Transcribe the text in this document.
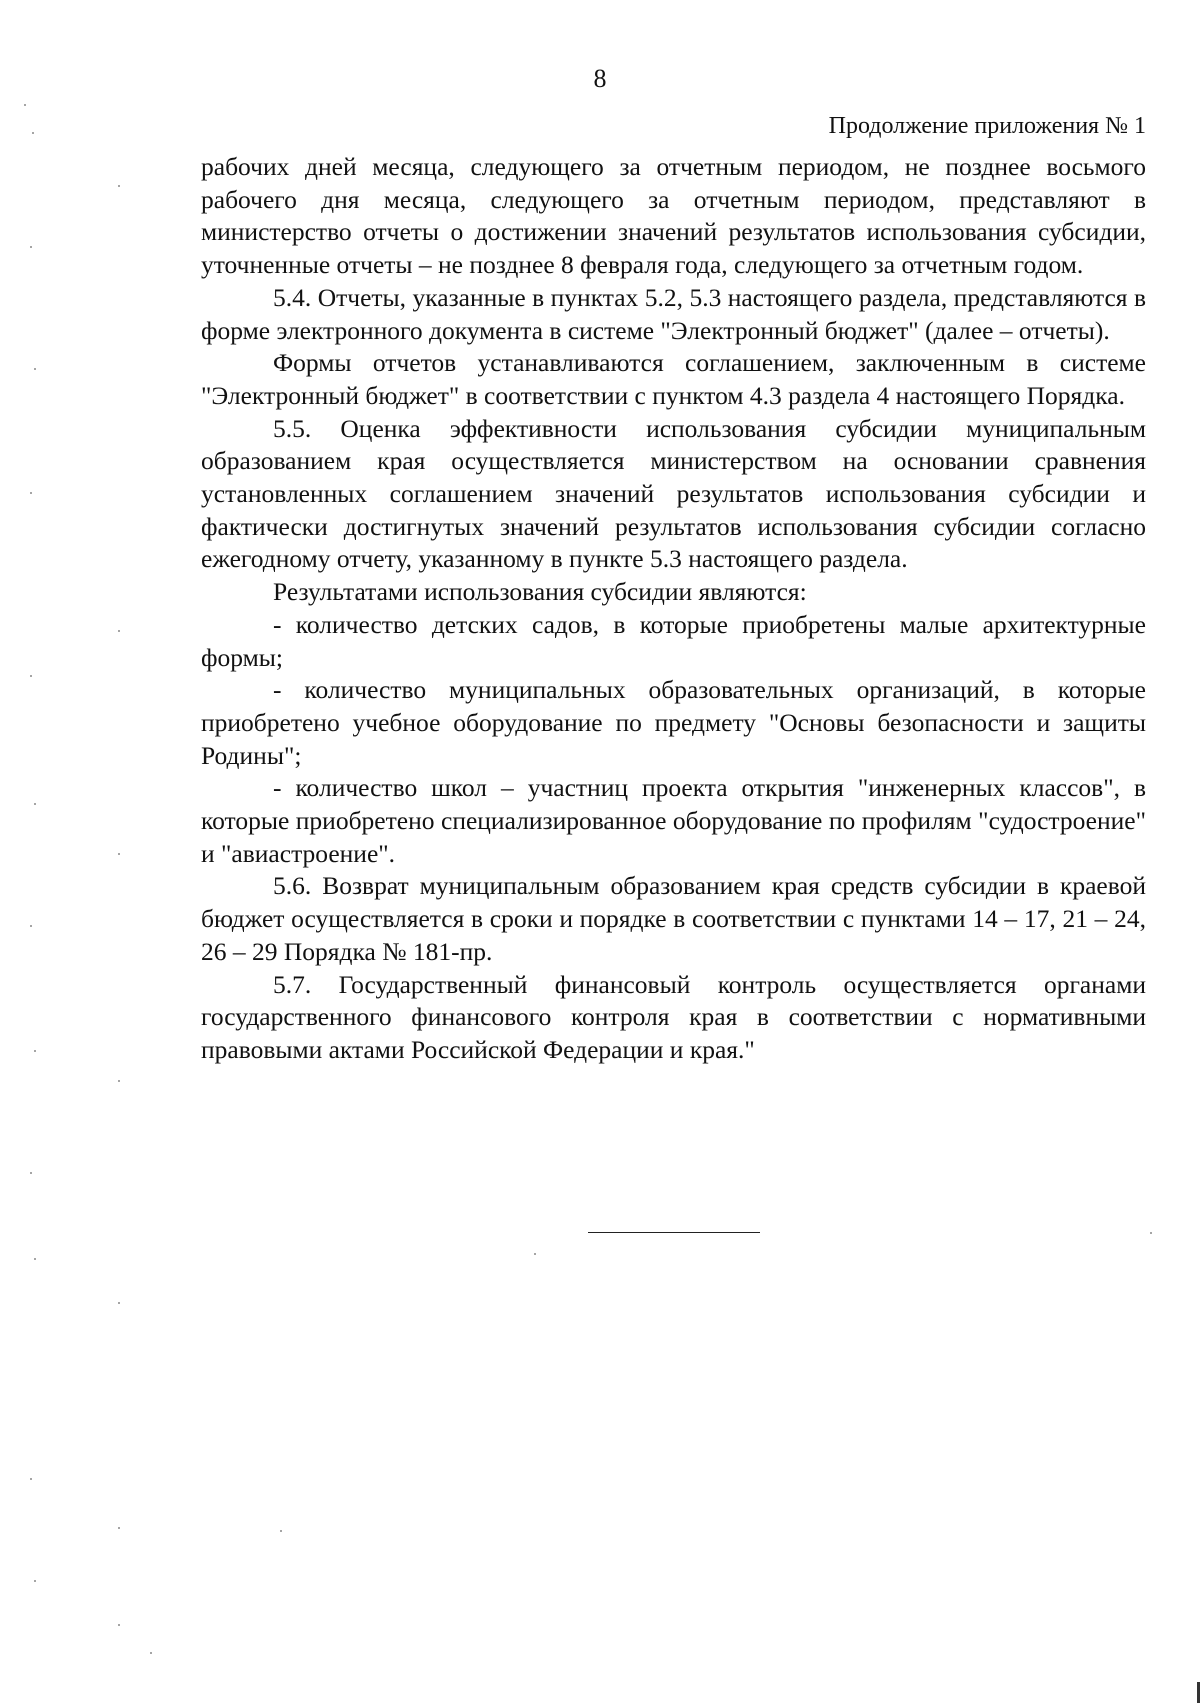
8
Продолжение приложения № 1

рабочих дней месяца, следующего за отчетным периодом, не позднее восьмого рабочего дня месяца, следующего за отчетным периодом, представляют в министерство отчеты о достижении значений результатов использования субсидии, уточненные отчеты – не позднее 8 февраля года, следующего за отчетным годом.

5.4. Отчеты, указанные в пунктах 5.2, 5.3 настоящего раздела, представляются в форме электронного документа в системе "Электронный бюджет" (далее – отчеты).

Формы отчетов устанавливаются соглашением, заключенным в системе "Электронный бюджет" в соответствии с пунктом 4.3 раздела 4 настоящего Порядка.

5.5. Оценка эффективности использования субсидии муниципальным образованием края осуществляется министерством на основании сравнения установленных соглашением значений результатов использования субсидии и фактически достигнутых значений результатов использования субсидии согласно ежегодному отчету, указанному в пункте 5.3 настоящего раздела.

Результатами использования субсидии являются:

- количество детских садов, в которые приобретены малые архитектурные формы;

- количество муниципальных образовательных организаций, в которые приобретено учебное оборудование по предмету "Основы безопасности и защиты Родины";

- количество школ – участниц проекта открытия "инженерных классов", в которые приобретено специализированное оборудование по профилям "судостроение" и "авиастроение".

5.6. Возврат муниципальным образованием края средств субсидии в краевой бюджет осуществляется в сроки и порядке в соответствии с пунктами 14 – 17, 21 – 24, 26 – 29 Порядка № 181-пр.

5.7. Государственный финансовый контроль осуществляется органами государственного финансового контроля края в соответствии с нормативными правовыми актами Российской Федерации и края."
